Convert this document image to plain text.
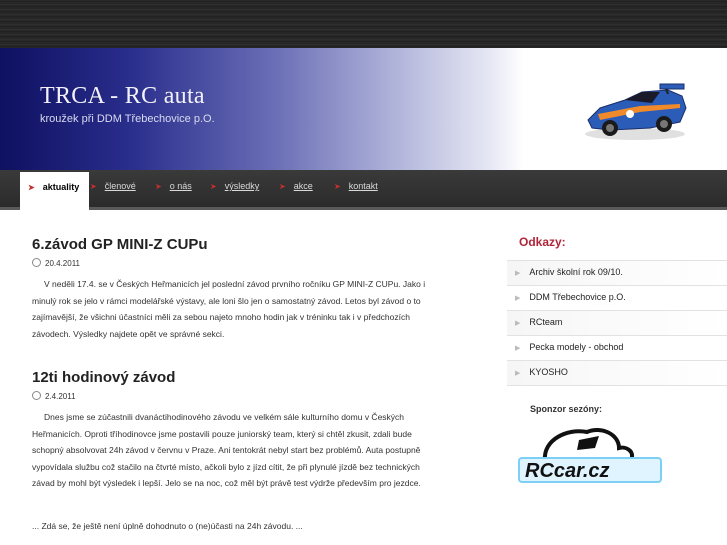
TRCA - RC auta

kroužek při DDM Třebechovice p.O.

➤ aktuality	➤ členové ➤ o nás ➤ výsledky ➤ akce	➤ kontakt
6.závod GP MINI-Z CUPu
20.4.2011

V neděli 17.4. se v Českých Heřmanicích jel poslední závod prvního ročníku GP MINI-Z CUPu. Jako i minulý rok se jelo v rámci modelářské výstavy, ale loni šlo jen o samostatný závod. Letos byl závod o to zajímavější, že všichni účastníci měli za sebou najeto mnoho hodin jak v tréninku tak i v předchozích závodech. Výsledky najdete opět ve správné sekci.

12ti hodinový závod
2.4.2011

Dnes jsme se zúčastnili dvanáctihodinového závodu ve velkém sále kulturního domu v Českých Heřmanicích. Oproti tříhodinovce jsme postavili pouze juniorský team, který si chtěl zkusit, zdali bude schopný absolvovat 24h závod v červnu v Praze. Ani tentokrát nebyl start bez problémů. Auta postupně vypovídala službu což stačilo na čtvrté místo, ačkoli bylo z jízd cítit, že při plynulé jízdě bez technických závad by mohl být výsledek i lepší. Jelo se na noc, což měl být právě test výdrže především pro jezdce.

... Zdá se, že ještě není úplně dohodnuto o (ne)účasti na 24h závodu. ...

Odkazy:
▶ Archiv školní rok 09/10.
▶ DDM Třebechovice p.O.
▶ RCteam
▶ Pecka modely - obchod
▶ KYOSHO
Sponzor sezóny:
RCcar.cz
